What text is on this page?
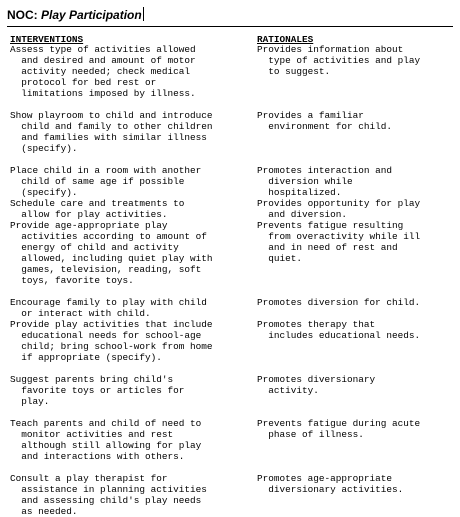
NOC: Play Participation
INTERVENTIONS	RATIONALES
Assess type of activities allowed
and desired and amount of motor
activity needed; check medical
protocol for bed rest or
limitations imposed by illness.
Provides information about
type of activities and play
to suggest.
Show playroom to child and introduce
child and family to other children
and families with similar illness
(specify).
Provides a familiar
environment for child.
Place child in a room with another
child of same age if possible
(specify).
Schedule care and treatments to
allow for play activities.
Provide age-appropriate play
activities according to amount of
energy of child and activity
allowed, including quiet play with
games, television, reading, soft
toys, favorite toys.
Promotes interaction and
diversion while
hospitalized.
Provides opportunity for play
and diversion.
Prevents fatigue resulting
from overactivity while ill
and in need of rest and
quiet.
Encourage family to play with child
or interact with child.
Provide play activities that include
educational needs for school-age
child; bring school-work from home
if appropriate (specify).
Promotes diversion for child.

Promotes therapy that
includes educational needs.
Suggest parents bring child's
favorite toys or articles for
play.
Promotes diversionary
activity.
Teach parents and child of need to
monitor activities and rest
although still allowing for play
and interactions with others.
Prevents fatigue during acute
phase of illness.
Consult a play therapist for
assistance in planning activities
and assessing child's play needs
as needed.
Promotes age-appropriate
diversionary activities.
